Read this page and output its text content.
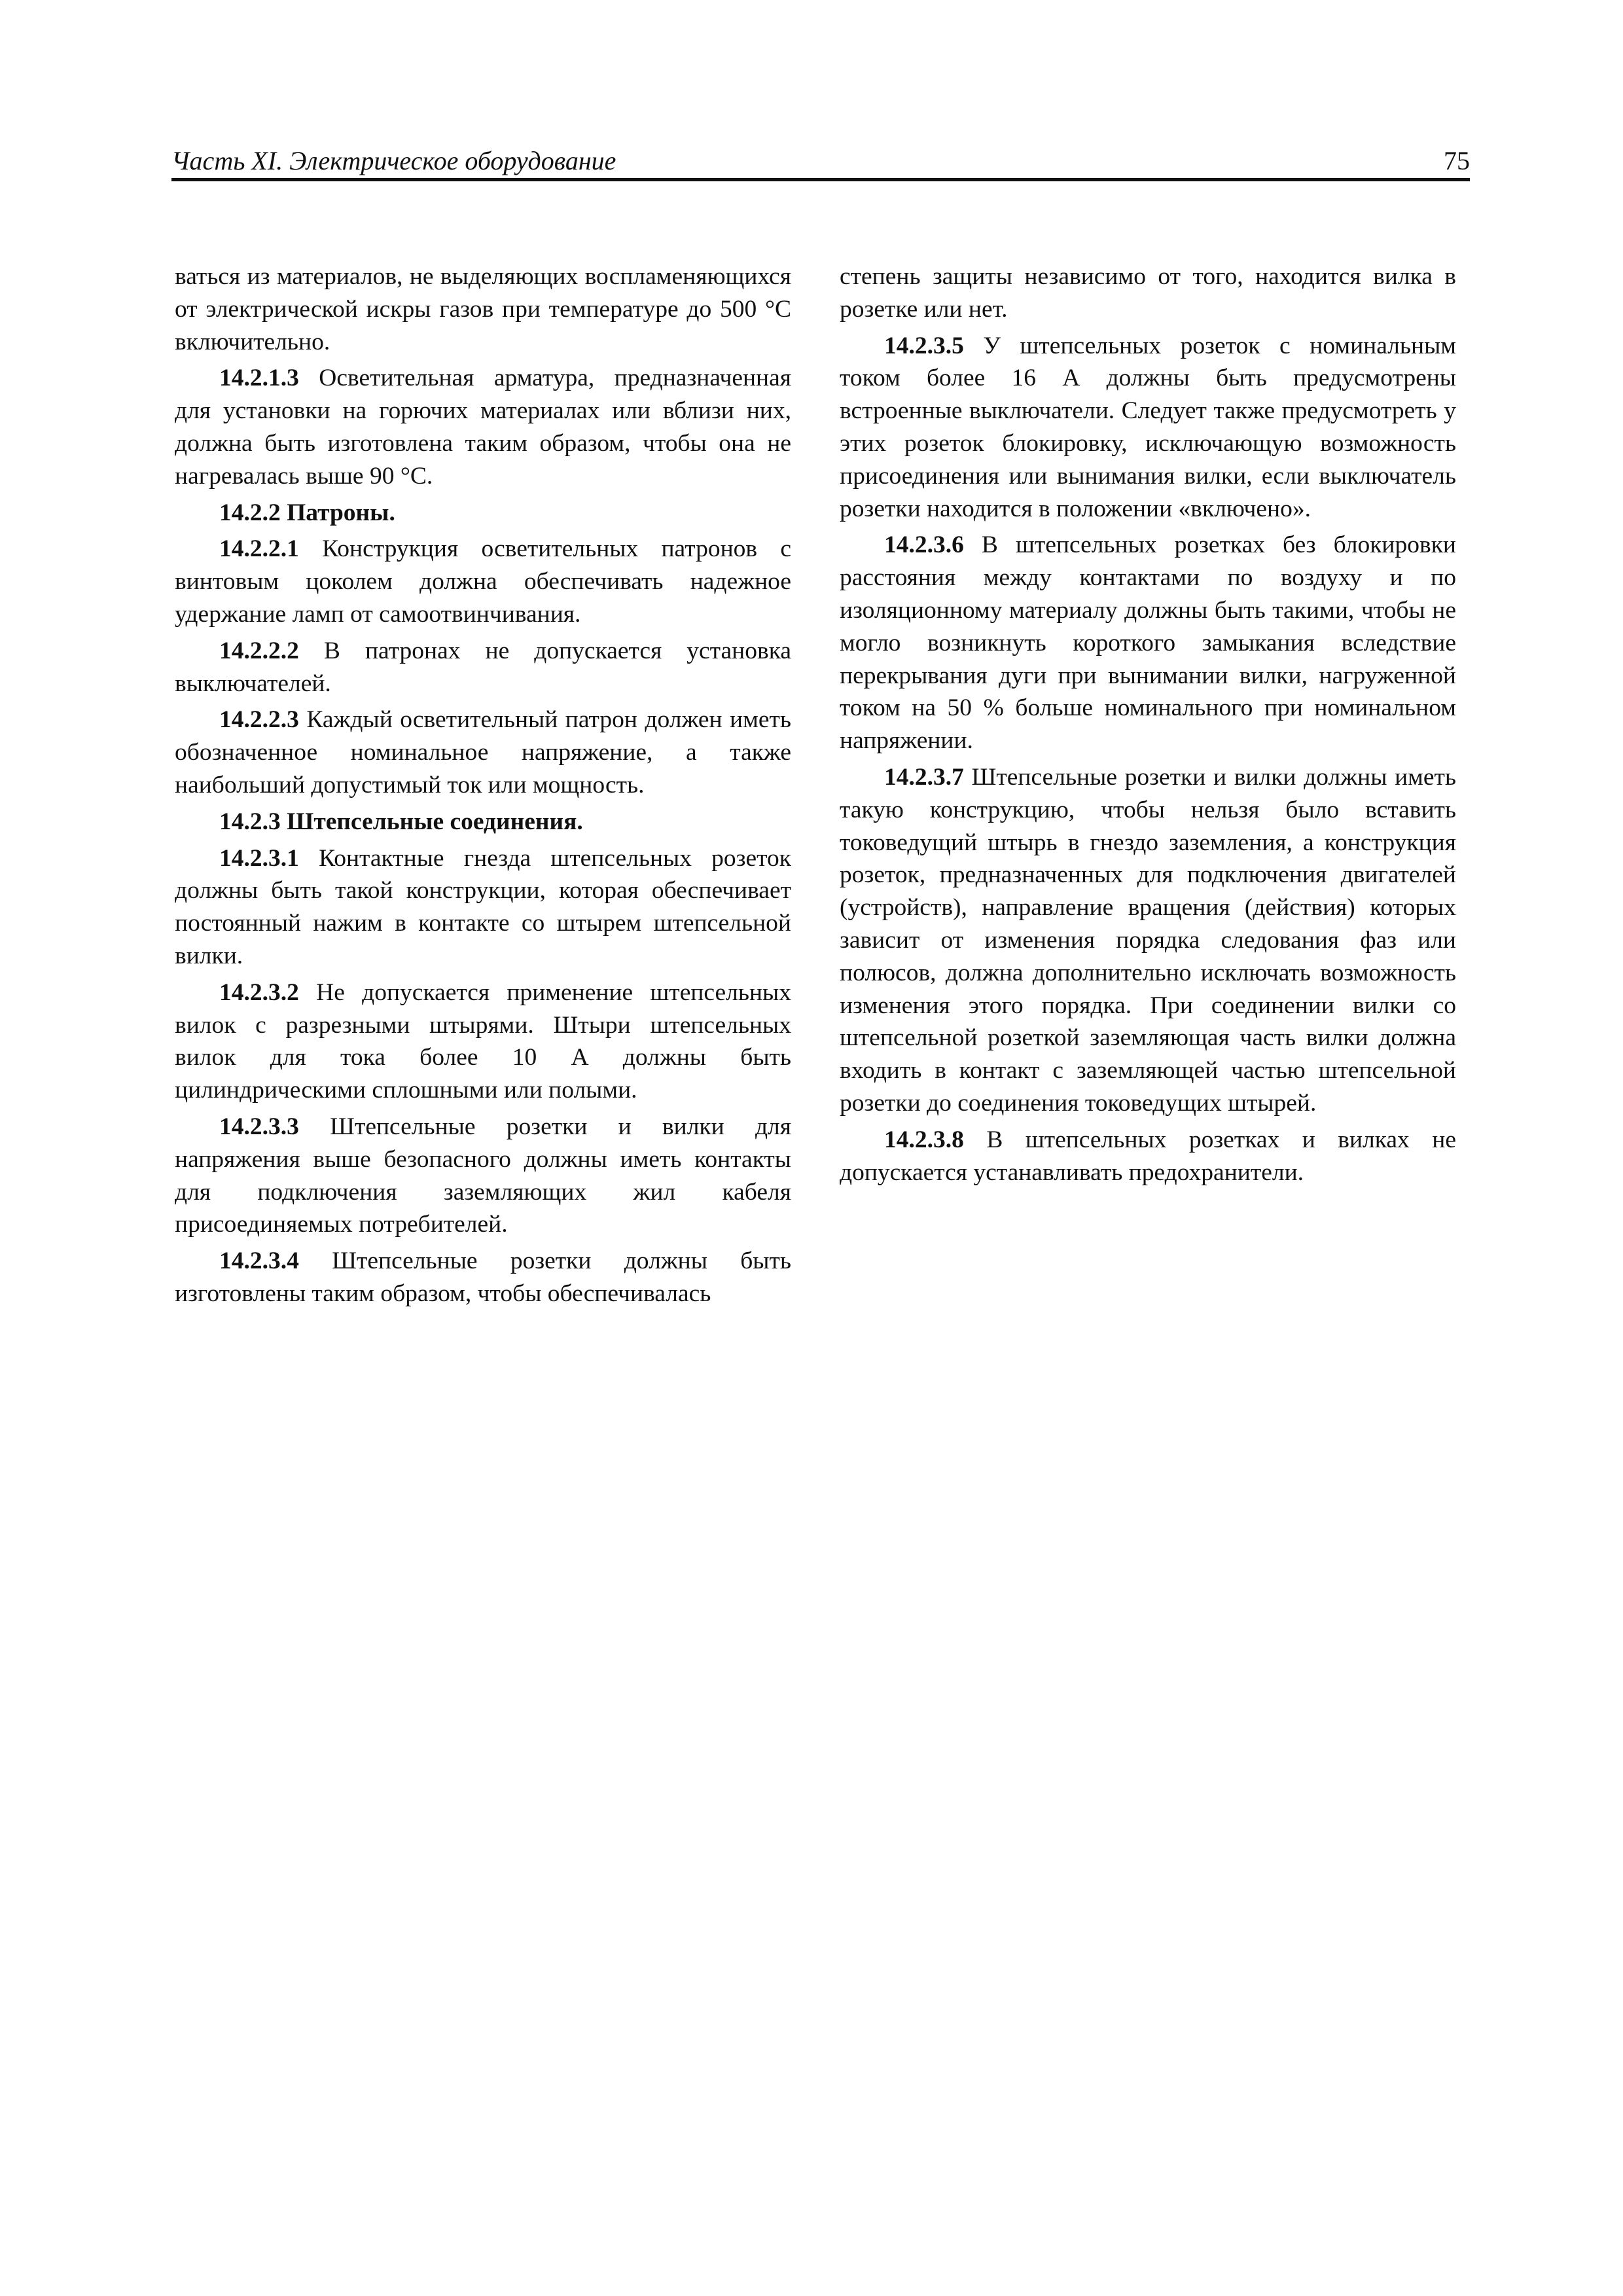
Часть XI. Электрическое оборудование	75

ваться из материалов, не выделяющих воспламеняющихся от электрической искры газов при температуре до 500 °С включительно.

14.2.1.3 Осветительная арматура, предназначенная для установки на горючих материалах или вблизи них, должна быть изготовлена таким образом, чтобы она не нагревалась выше 90 °С.

14.2.2 Патроны.

14.2.2.1 Конструкция осветительных патронов с винтовым цоколем должна обеспечивать надежное удержание ламп от самоотвинчивания.

14.2.2.2 В патронах не допускается установка выключателей.

14.2.2.3 Каждый осветительный патрон должен иметь обозначенное номинальное напряжение, а также наибольший допустимый ток или мощность.

14.2.3 Штепсельные соединения.

14.2.3.1 Контактные гнезда штепсельных розеток должны быть такой конструкции, которая обеспечивает постоянный нажим в контакте со штырем штепсельной вилки.

14.2.3.2 Не допускается применение штепсельных вилок с разрезными штырями. Штыри штепсельных вилок для тока более 10 А должны быть цилиндрическими сплошными или полыми.

14.2.3.3 Штепсельные розетки и вилки для напряжения выше безопасного должны иметь контакты для подключения заземляющих жил кабеля присоединяемых потребителей.

14.2.3.4 Штепсельные розетки должны быть изготовлены таким образом, чтобы обеспечивалась

степень защиты независимо от того, находится вилка в розетке или нет.

14.2.3.5 У штепсельных розеток с номинальным током более 16 А должны быть предусмотрены встроенные выключатели. Следует также предусмотреть у этих розеток блокировку, исключающую возможность присоединения или вынимания вилки, если выключатель розетки находится в положении «включено».

14.2.3.6 В штепсельных розетках без блокировки расстояния между контактами по воздуху и по изоляционному материалу должны быть такими, чтобы не могло возникнуть короткого замыкания вследствие перекрывания дуги при вынимании вилки, нагруженной током на 50 % больше номинального при номинальном напряжении.

14.2.3.7 Штепсельные розетки и вилки должны иметь такую конструкцию, чтобы нельзя было вставить токоведущий штырь в гнездо заземления, а конструкция розеток, предназначенных для подключения двигателей (устройств), направление вращения (действия) которых зависит от изменения порядка следования фаз или полюсов, должна дополнительно исключать возможность изменения этого порядка. При соединении вилки со штепсельной розеткой заземляющая часть вилки должна входить в контакт с заземляющей частью штепсельной розетки до соединения токоведущих штырей.

14.2.3.8 В штепсельных розетках и вилках не допускается устанавливать предохранители.
